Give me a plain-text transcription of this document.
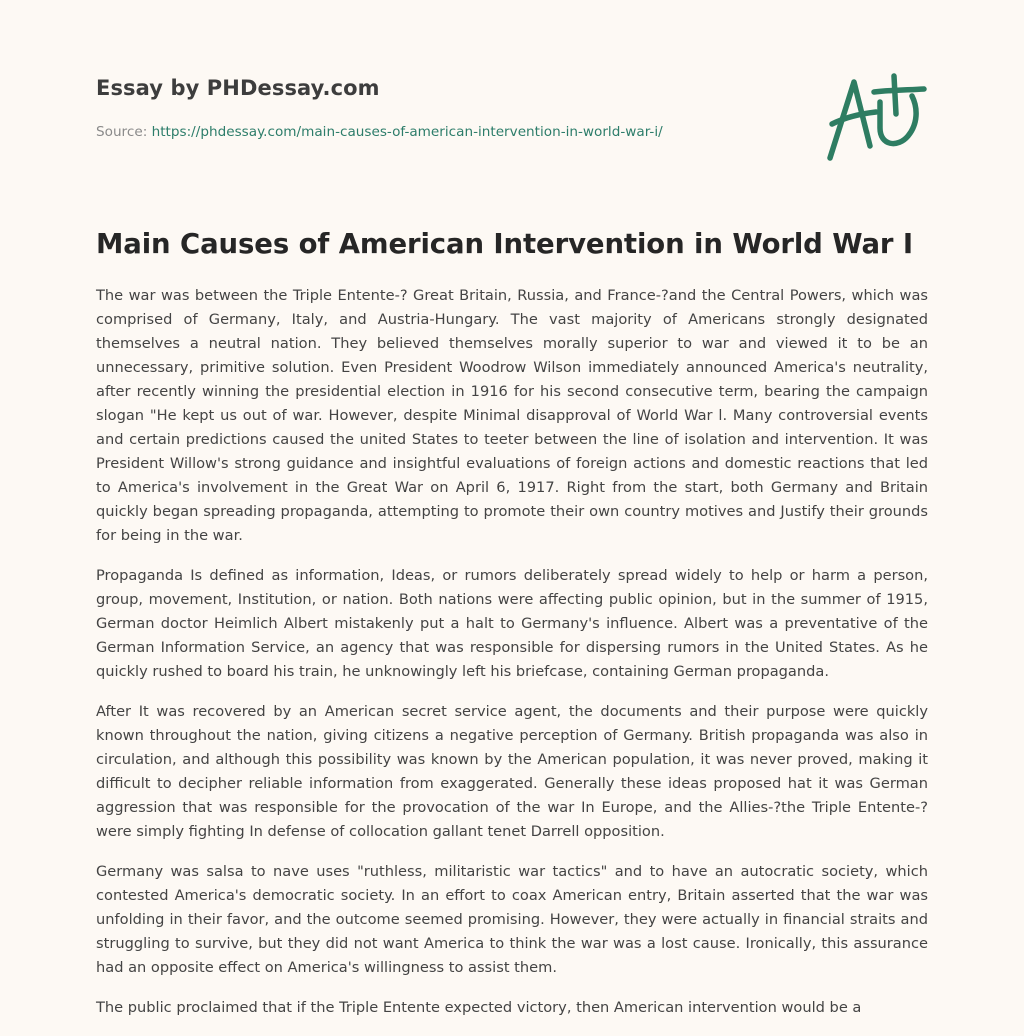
Essay by PHDessay.com
Source: https://phdessay.com/main-causes-of-american-intervention-in-world-war-i/
Main Causes of American Intervention in World War I

The war was between the Triple Entente-? Great Britain, Russia, and France-?and the Central Powers, which was comprised of Germany, Italy, and Austria-Hungary. The vast majority of Americans strongly designated themselves a neutral nation. They believed themselves morally superior to war and viewed it to be an unnecessary, primitive solution. Even President Woodrow Wilson immediately announced America's neutrality, after recently winning the presidential election in 1916 for his second consecutive term, bearing the campaign slogan "He kept us out of war. However, despite Minimal disapproval of World War l. Many controversial events and certain predictions caused the united States to teeter between the line of isolation and intervention. It was President Willow's strong guidance and insightful evaluations of foreign actions and domestic reactions that led to America's involvement in the Great War on April 6, 1917. Right from the start, both Germany and Britain quickly began spreading propaganda, attempting to promote their own country motives and Justify their grounds for being in the war.

Propaganda Is defined as information, Ideas, or rumors deliberately spread widely to help or harm a person, group, movement, Institution, or nation. Both nations were affecting public opinion, but in the summer of 1915, German doctor Heimlich Albert mistakenly put a halt to Germany's influence. Albert was a preventative of the German Information Service, an agency that was responsible for dispersing rumors in the United States. As he quickly rushed to board his train, he unknowingly left his briefcase, containing German propaganda.

After It was recovered by an American secret service agent, the documents and their purpose were quickly known throughout the nation, giving citizens a negative perception of Germany. British propaganda was also in circulation, and although this possibility was known by the American population, it was never proved, making it difficult to decipher reliable information from exaggerated. Generally these ideas proposed hat it was German aggression that was responsible for the provocation of the war In Europe, and the Allies-?the Triple Entente-? were simply fighting In defense of collocation gallant tenet Darrell opposition.

Germany was salsa to nave uses "ruthless, militaristic war tactics" and to have an autocratic society, which contested America's democratic society. In an effort to coax American entry, Britain asserted that the war was unfolding in their favor, and the outcome seemed promising. However, they were actually in financial straits and struggling to survive, but they did not want America to think the war was a lost cause. Ironically, this assurance had an opposite effect on America's willingness to assist them.

The public proclaimed that if the Triple Entente expected victory, then American intervention would be a
